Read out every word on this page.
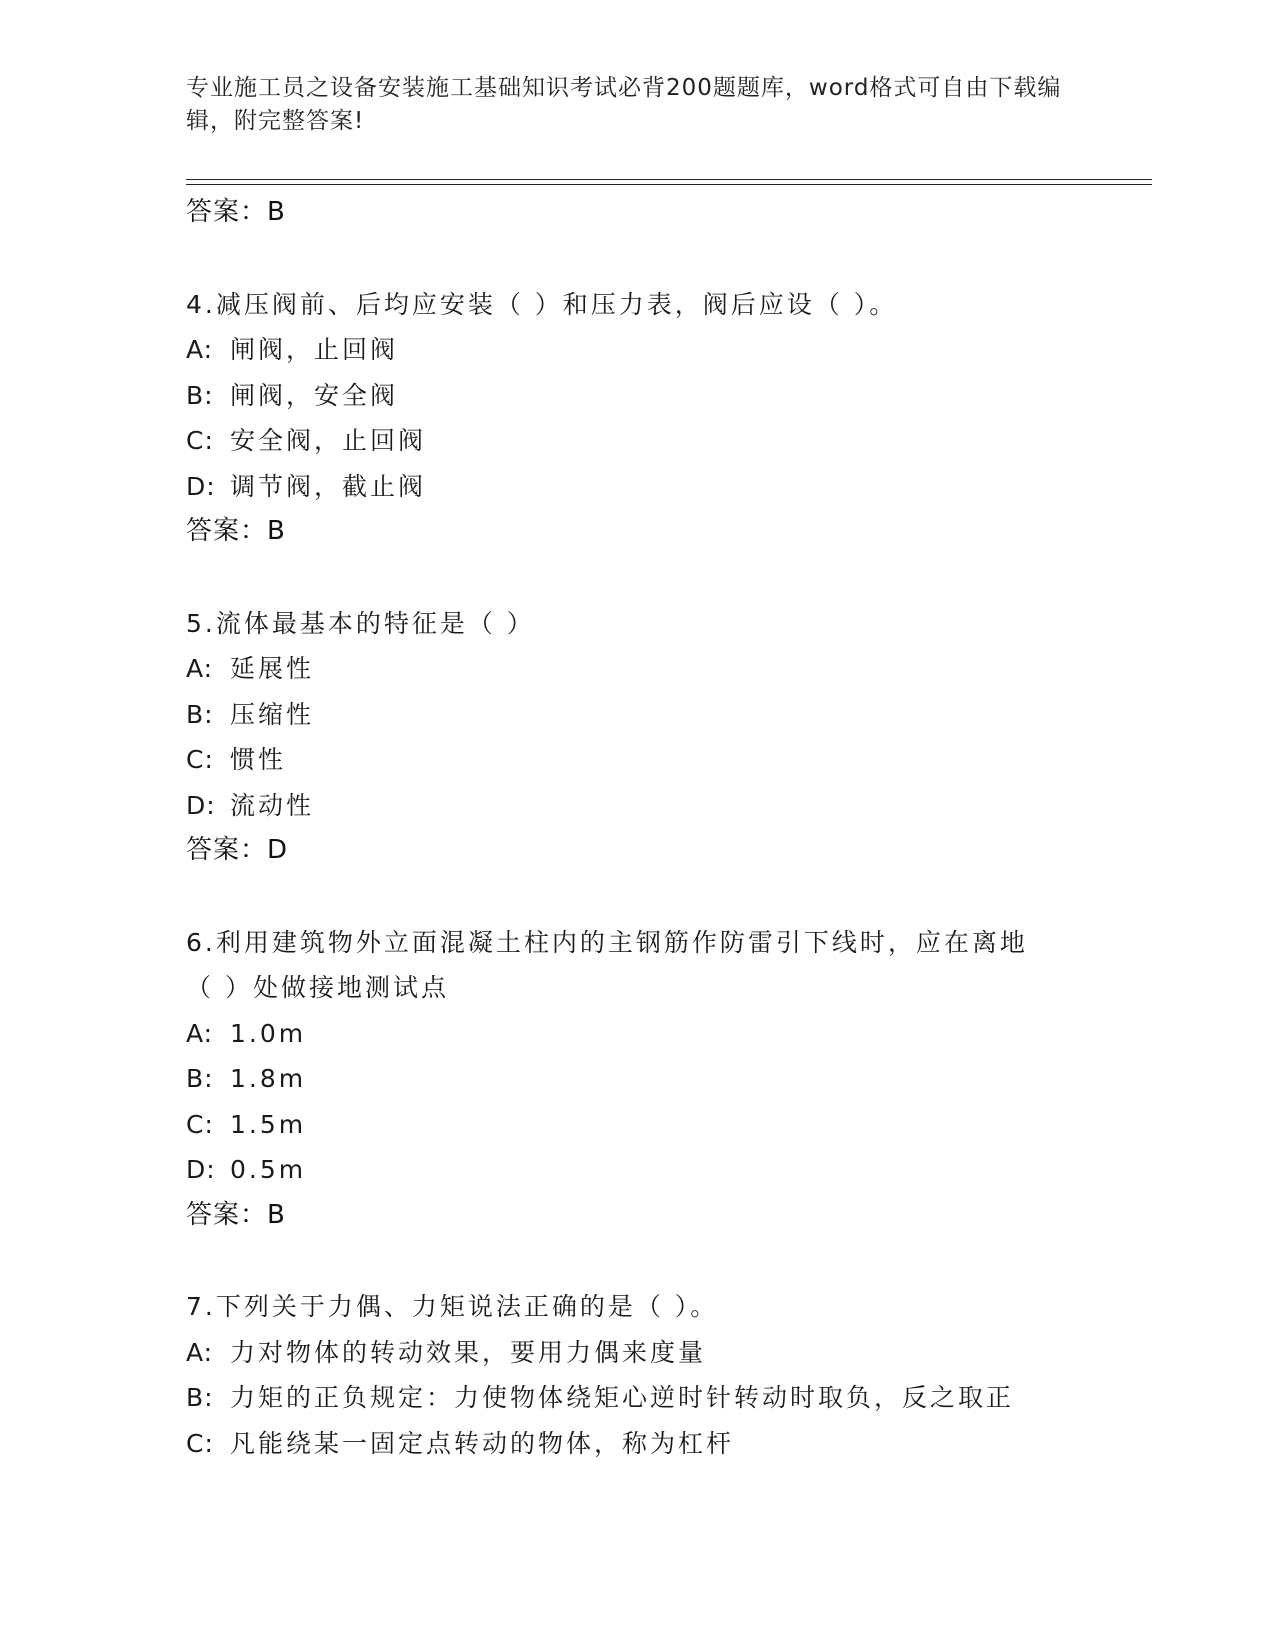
专业施工员之设备安装施工基础知识考试必背200题题库，word格式可自由下载编辑，附完整答案!
答案：B
4.减压阀前、后均应安装（ ）和压力表，阀后应设（ ）。
A: 闸阀，止回阀
B: 闸阀，安全阀
C: 安全阀，止回阀
D: 调节阀，截止阀
答案：B
5.流体最基本的特征是（ ）
A: 延展性
B: 压缩性
C: 惯性
D: 流动性
答案：D
6.利用建筑物外立面混凝土柱内的主钢筋作防雷引下线时，应在离地
（ ）处做接地测试点
A: 1.0m
B: 1.8m
C: 1.5m
D: 0.5m
答案：B
7.下列关于力偶、力矩说法正确的是（ ）。
A: 力对物体的转动效果，要用力偶来度量
B: 力矩的正负规定：力使物体绕矩心逆时针转动时取负，反之取正
C: 凡能绕某一固定点转动的物体，称为杠杆
